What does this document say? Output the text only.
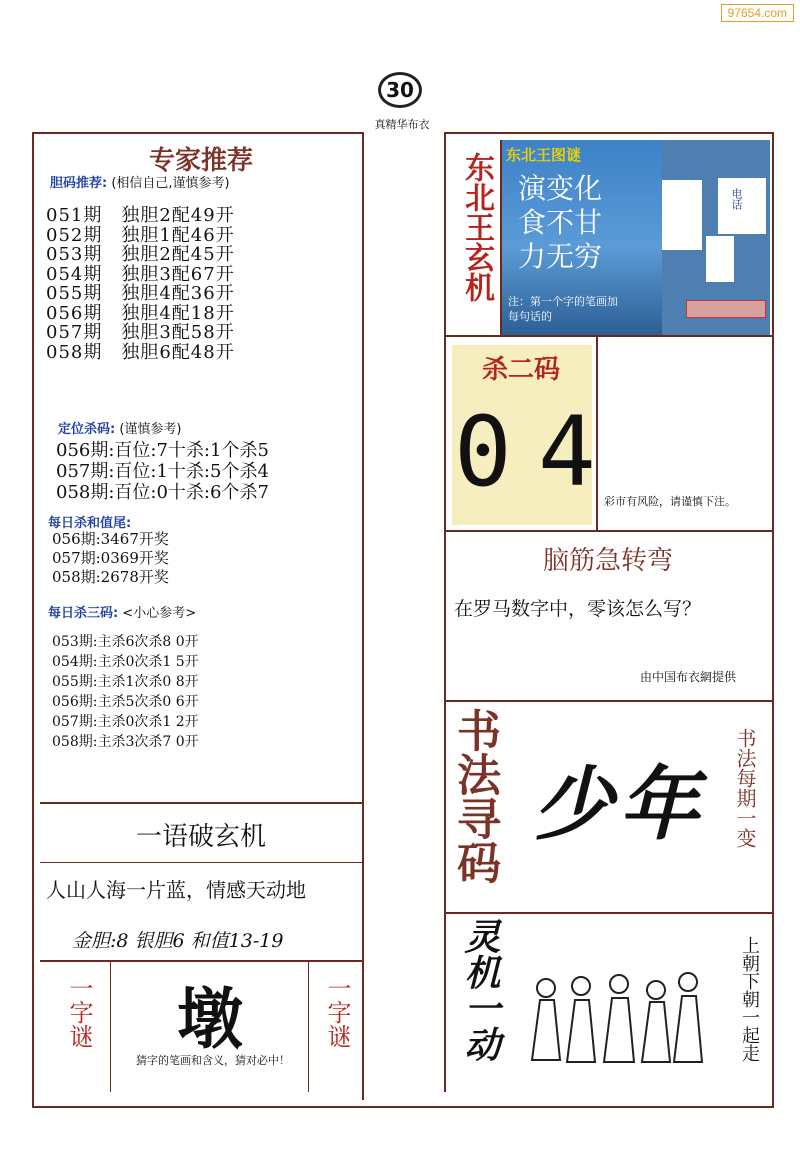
97654.com
30
真精华布衣
专家推荐
胆码推荐: (相信自己,谨慎参考)
051期　独胆2配49开
052期　独胆1配46开
053期　独胆2配45开
054期　独胆3配67开
055期　独胆4配36开
056期　独胆4配18开
057期　独胆3配58开
058期　独胆6配48开
定位杀码: (谨慎参考)
056期:百位:7十杀:1个杀5
057期:百位:1十杀:5个杀4
058期:百位:0十杀:6个杀7
每日杀和值尾:
056期:3467开奖
057期:0369开奖
058期:2678开奖
每日杀三码: <小心参考>
053期:主杀6次杀8 0开
054期:主杀0次杀1 5开
055期:主杀1次杀0 8开
056期:主杀5次杀0 6开
057期:主杀0次杀1 2开
058期:主杀3次杀7 0开
一语破玄机
人山人海一片蓝，情感天动地
金胆:8 银胆6 和值13-19
一字谜	一字谜
墩
猜字的笔画和含义，猜对必中！
东北王玄机 东北王图谜
演变化
食不甘
力无穷
注：第一个字的笔画加每句话的
电话
杀二码
0 4 彩市有风险，请谨慎下注。
脑筋急转弯
在罗马数字中，零该怎么写？
由中国布衣網提供
书法寻码 少年	书法每期一变
灵机一动	上朝下朝一起走
